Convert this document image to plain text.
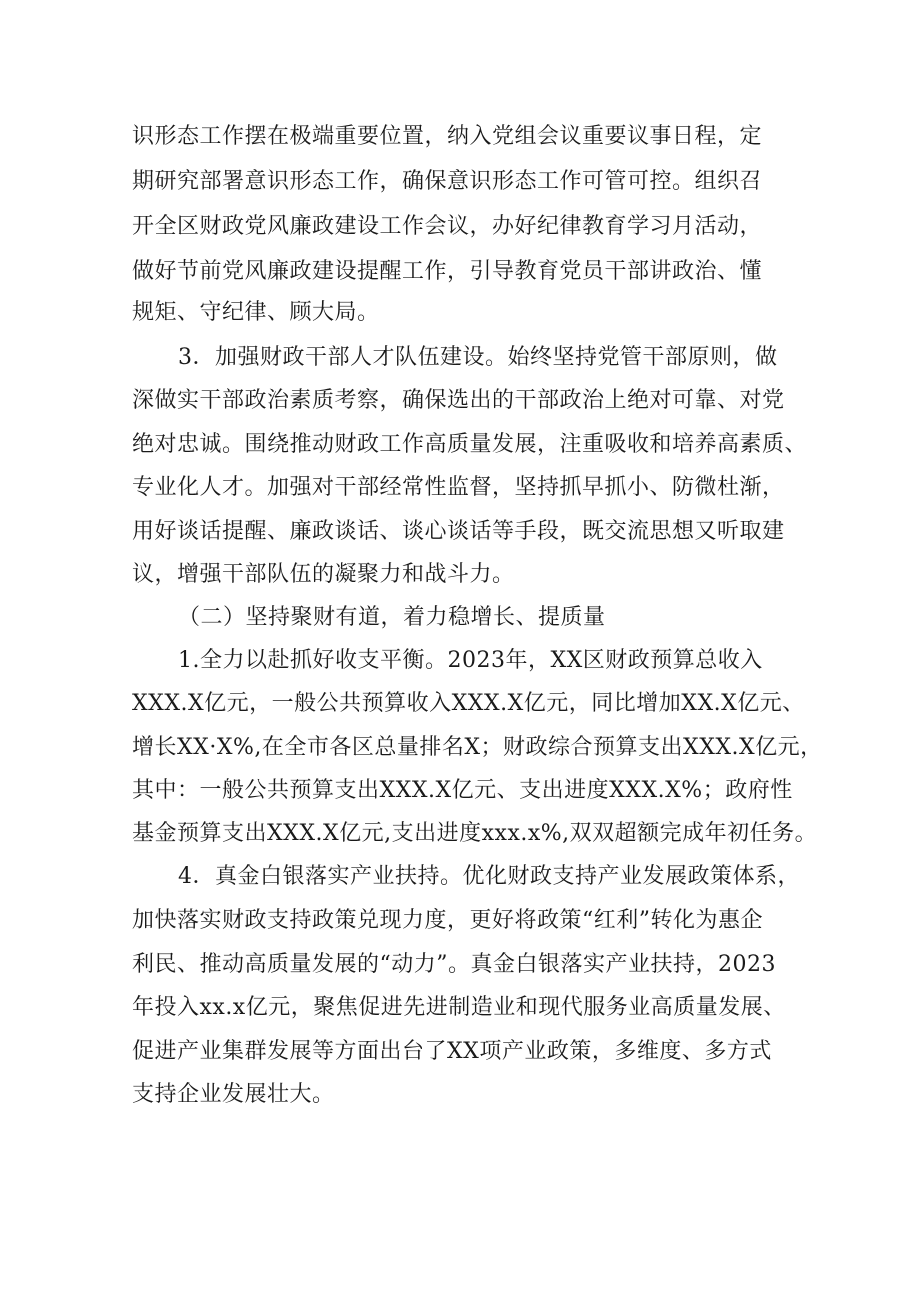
识形态工作摆在极端重要位置，纳入党组会议重要议事日程，定
期研究部署意识形态工作，确保意识形态工作可管可控。组织召
开全区财政党风廉政建设工作会议，办好纪律教育学习月活动，
做好节前党风廉政建设提醒工作，引导教育党员干部讲政治、懂
规矩、守纪律、顾大局。
3．加强财政干部人才队伍建设。始终坚持党管干部原则，做
深做实干部政治素质考察，确保选出的干部政治上绝对可靠、对党
绝对忠诚。围绕推动财政工作高质量发展，注重吸收和培养高素质、
专业化人才。加强对干部经常性监督，坚持抓早抓小、防微杜渐，
用好谈话提醒、廉政谈话、谈心谈话等手段，既交流思想又听取建
议，增强干部队伍的凝聚力和战斗力。
（二）坚持聚财有道，着力稳增长、提质量
1.全力以赴抓好收支平衡。2023年，XX区财政预算总收入
XXX.X亿元，一般公共预算收入XXX.X亿元，同比增加XX.X亿元、
增长XX·X%,在全市各区总量排名X；财政综合预算支出XXX.X亿元，
其中：一般公共预算支出XXX.X亿元、支出进度XXX.X%；政府性
基金预算支出XXX.X亿元,支出进度xxx.x%,双双超额完成年初任务。
4．真金白银落实产业扶持。优化财政支持产业发展政策体系，
加快落实财政支持政策兑现力度，更好将政策“红利”转化为惠企
利民、推动高质量发展的“动力”。真金白银落实产业扶持，2023
年投入xx.x亿元，聚焦促进先进制造业和现代服务业高质量发展、
促进产业集群发展等方面出台了XX项产业政策，多维度、多方式
支持企业发展壮大。
